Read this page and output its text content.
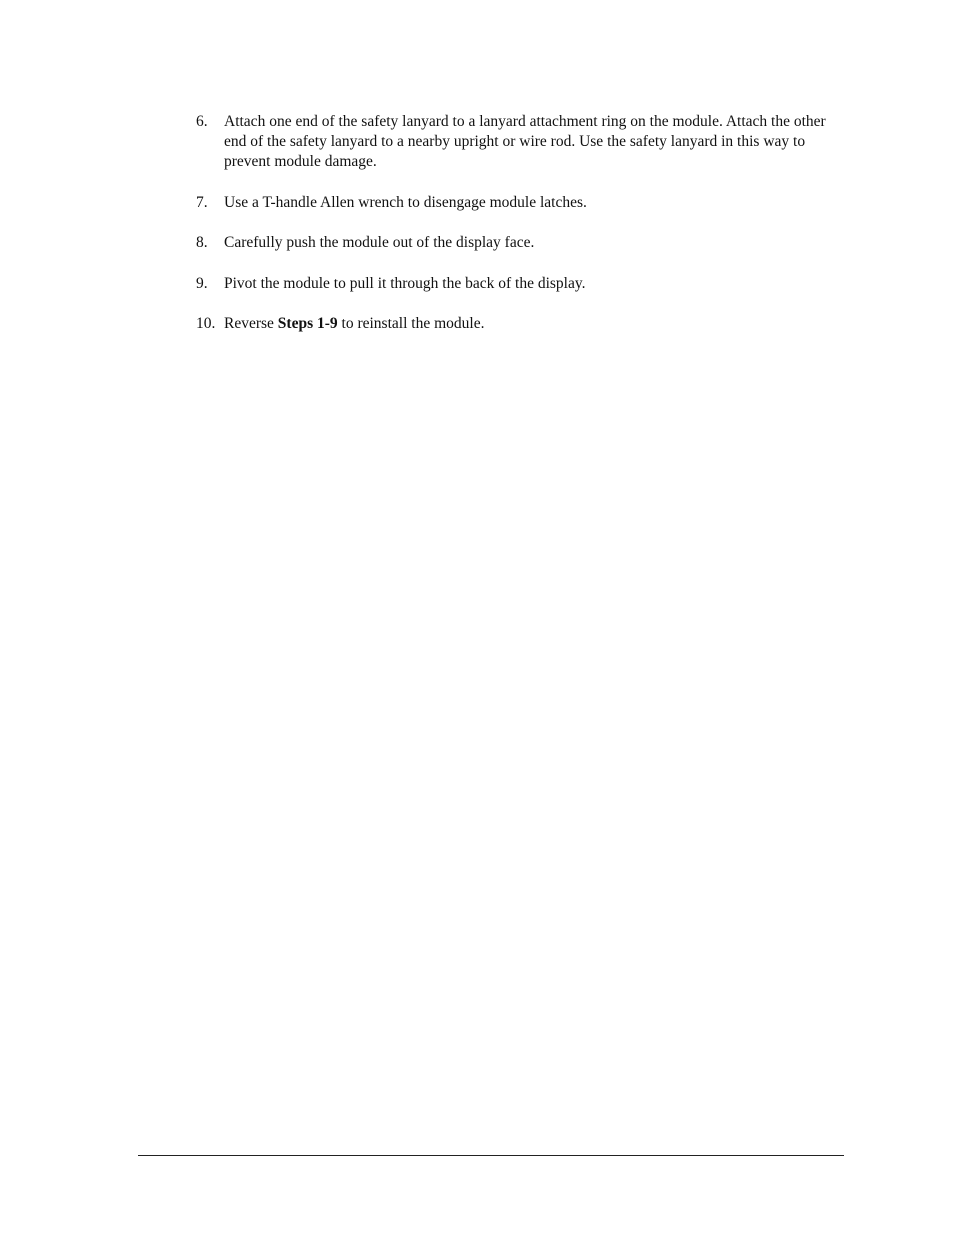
6. Attach one end of the safety lanyard to a lanyard attachment ring on the module. Attach the other end of the safety lanyard to a nearby upright or wire rod. Use the safety lanyard in this way to prevent module damage.
7. Use a T-handle Allen wrench to disengage module latches.
8. Carefully push the module out of the display face.
9. Pivot the module to pull it through the back of the display.
10. Reverse Steps 1-9 to reinstall the module.
